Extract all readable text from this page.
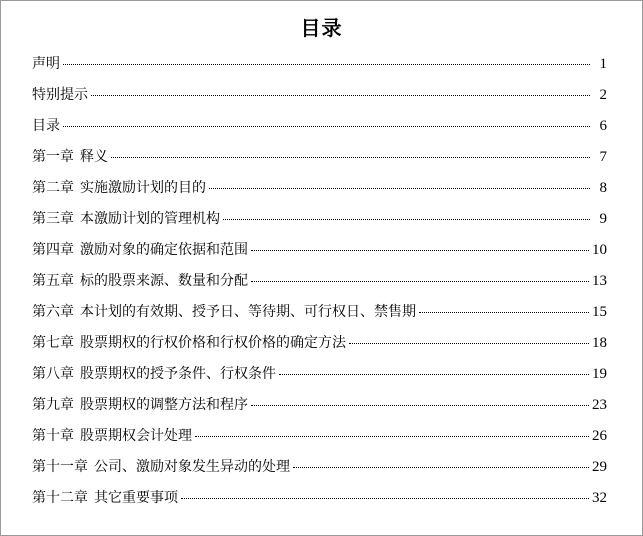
目录
声明	1
特别提示	2
目录	6
第一章 释义	7
第二章 实施激励计划的目的	8
第三章 本激励计划的管理机构	9
第四章 激励对象的确定依据和范围	10
第五章 标的股票来源、数量和分配	13
第六章 本计划的有效期、授予日、等待期、可行权日、禁售期	15
第七章 股票期权的行权价格和行权价格的确定方法	18
第八章 股票期权的授予条件、行权条件	19
第九章 股票期权的调整方法和程序	23
第十章 股票期权会计处理	26
第十一章 公司、激励对象发生异动的处理	29
第十二章 其它重要事项	32
